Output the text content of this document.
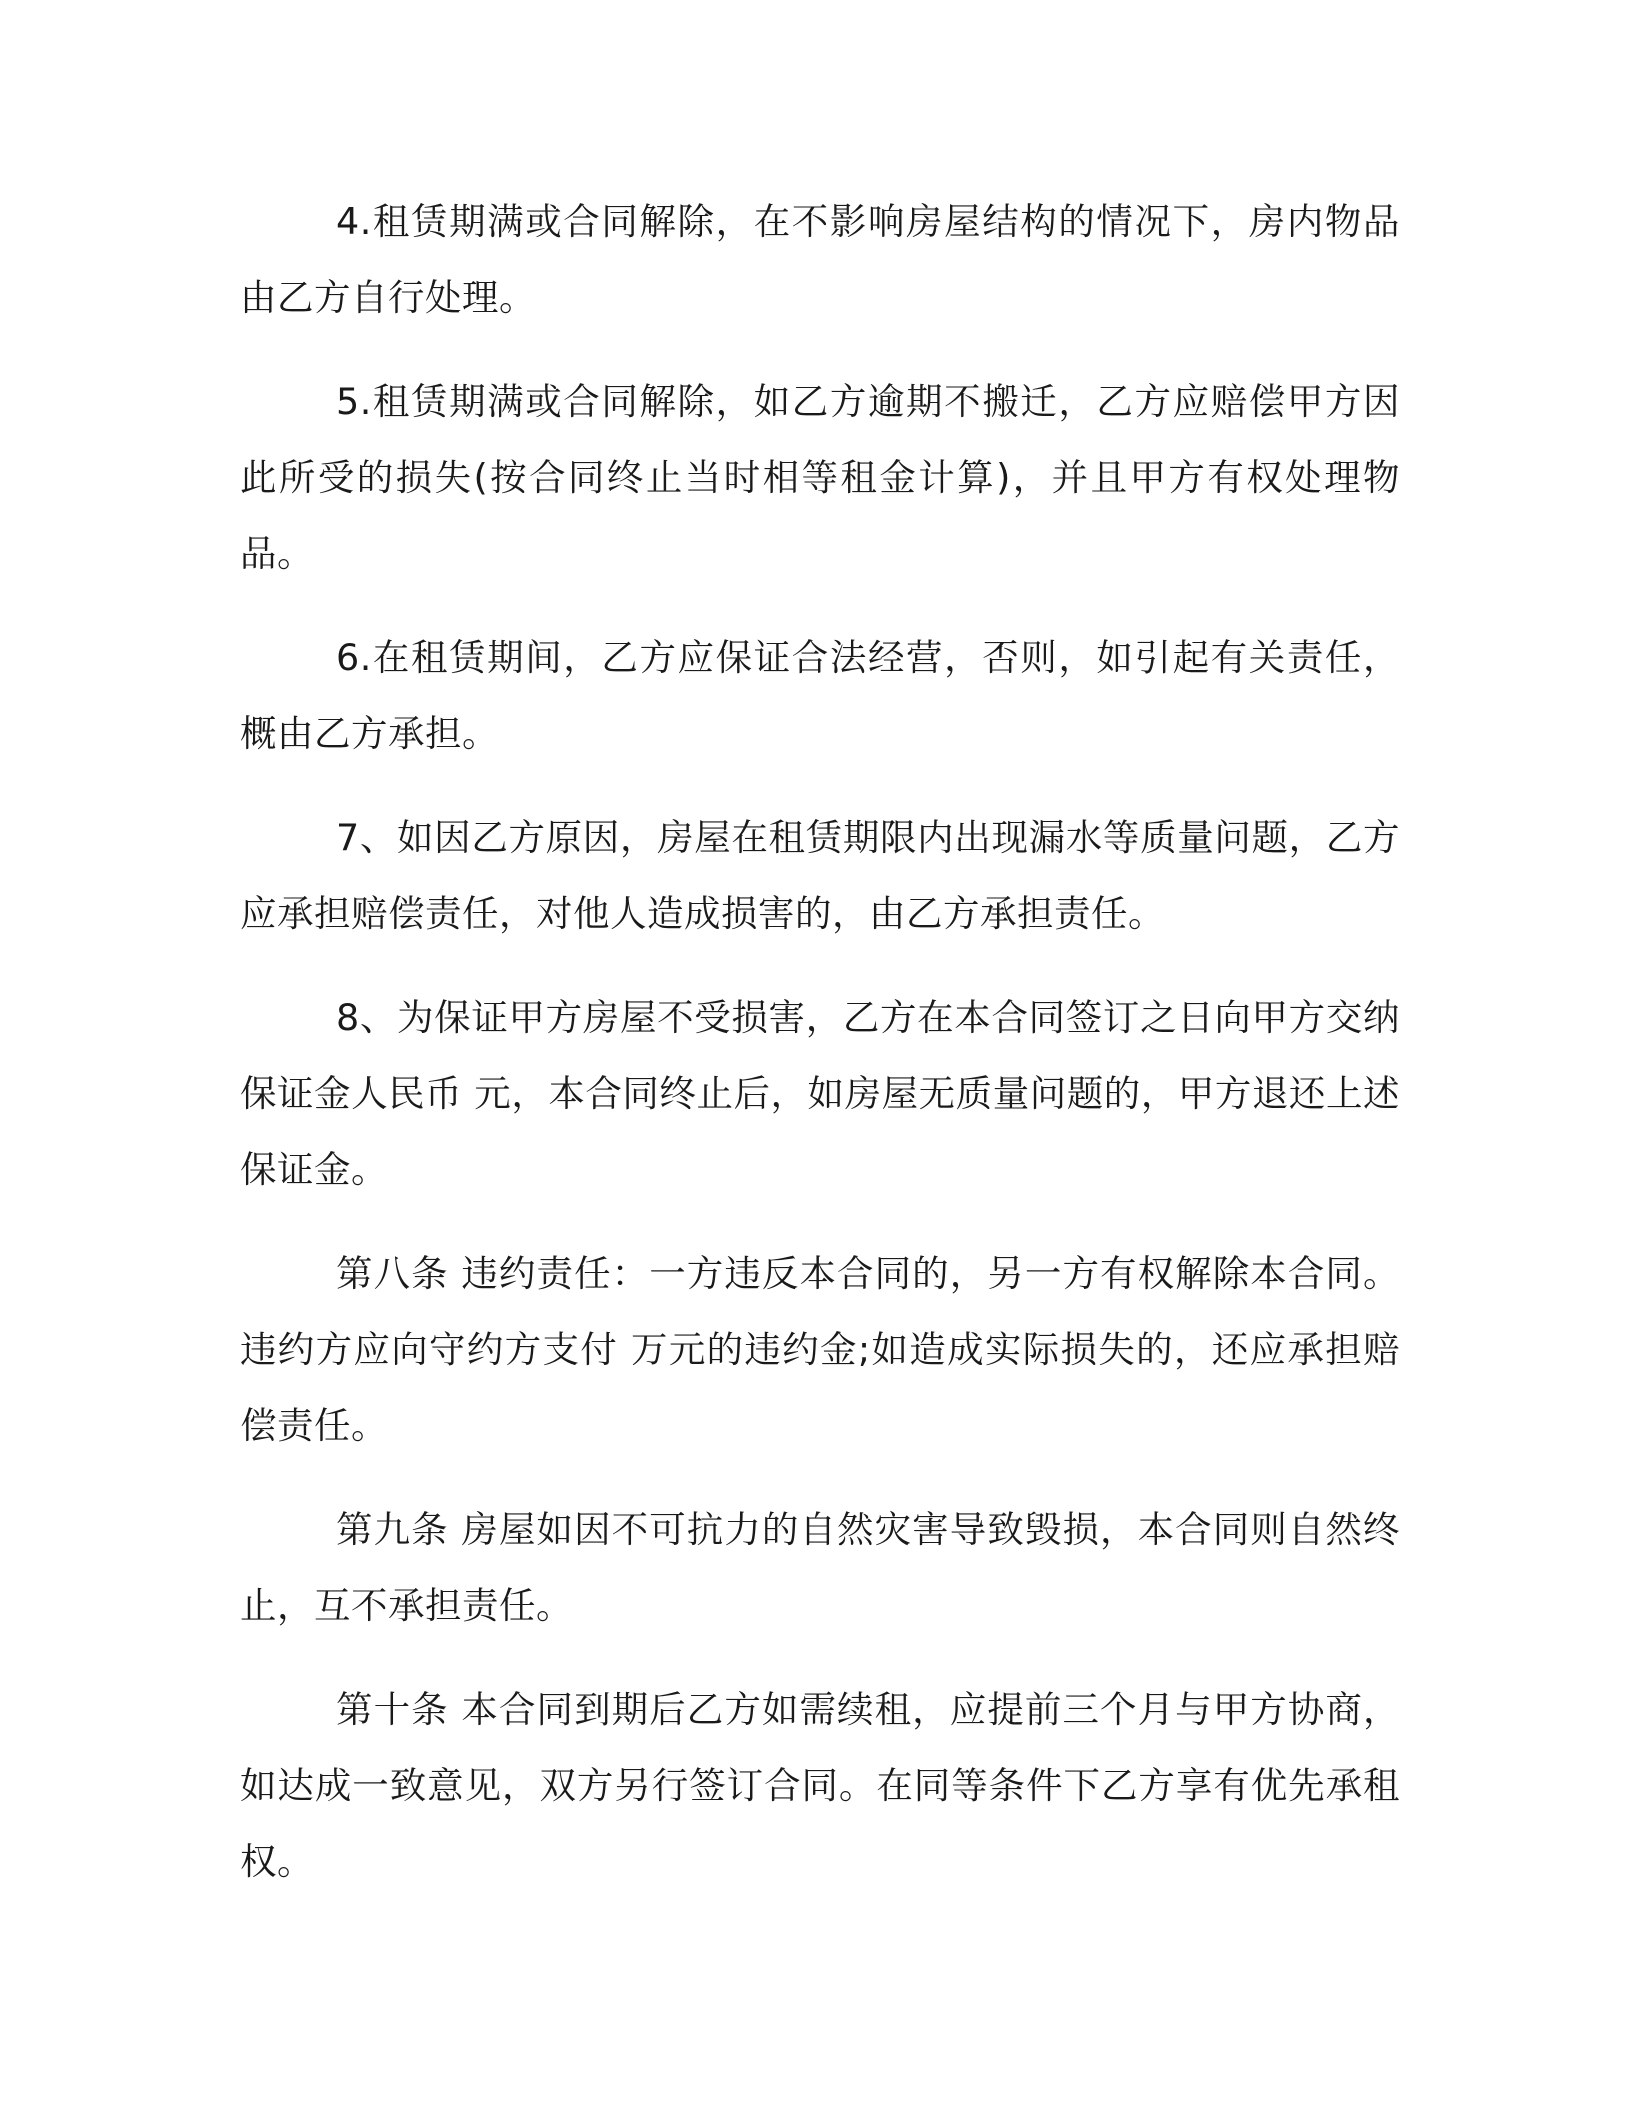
4.租赁期满或合同解除，在不影响房屋结构的情况下，房内物品由乙方自行处理。

5.租赁期满或合同解除，如乙方逾期不搬迁，乙方应赔偿甲方因此所受的损失(按合同终止当时相等租金计算)，并且甲方有权处理物品。

6.在租赁期间，乙方应保证合法经营，否则，如引起有关责任，概由乙方承担。

7、如因乙方原因，房屋在租赁期限内出现漏水等质量问题，乙方应承担赔偿责任，对他人造成损害的，由乙方承担责任。

8、为保证甲方房屋不受损害，乙方在本合同签订之日向甲方交纳保证金人民币 元，本合同终止后，如房屋无质量问题的，甲方退还上述保证金。

第八条 违约责任：一方违反本合同的，另一方有权解除本合同。违约方应向守约方支付 万元的违约金;如造成实际损失的，还应承担赔偿责任。

第九条 房屋如因不可抗力的自然灾害导致毁损，本合同则自然终止，互不承担责任。

第十条 本合同到期后乙方如需续租，应提前三个月与甲方协商，如达成一致意见，双方另行签订合同。在同等条件下乙方享有优先承租权。
